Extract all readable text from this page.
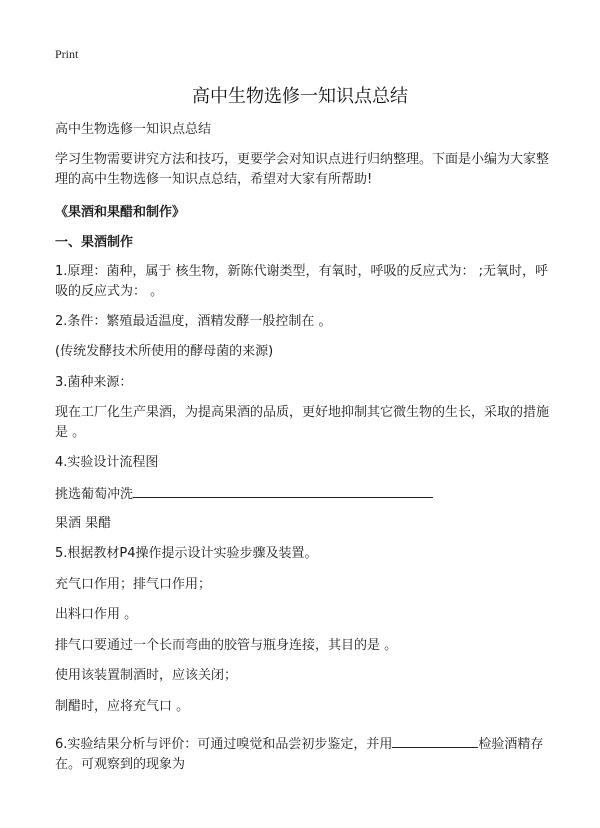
Print
高中生物选修一知识点总结
高中生物选修一知识点总结
学习生物需要讲究方法和技巧，更要学会对知识点进行归纳整理。下面是小编为大家整理的高中生物选修一知识点总结，希望对大家有所帮助!
《果酒和果醋和制作》
一、果酒制作
1.原理：菌种，属于 核生物，新陈代谢类型，有氧时，呼吸的反应式为： ;无氧时，呼吸的反应式为： 。
2.条件：繁殖最适温度，酒精发酵一般控制在 。
(传统发酵技术所使用的酵母菌的来源)
3.菌种来源：
现在工厂化生产果酒，为提高果酒的品质，更好地抑制其它微生物的生长，采取的措施是 。
4.实验设计流程图
挑选葡萄冲洗
果酒 果醋
5.根据教材P4操作提示设计实验步骤及装置。
充气口作用；排气口作用；
出料口作用 。
排气口要通过一个长而弯曲的胶管与瓶身连接，其目的是 。
使用该装置制酒时，应该关闭；
制醋时，应将充气口 。
6.实验结果分析与评价：可通过嗅觉和品尝初步鉴定，并用	检验酒精存在。可观察到的现象为
